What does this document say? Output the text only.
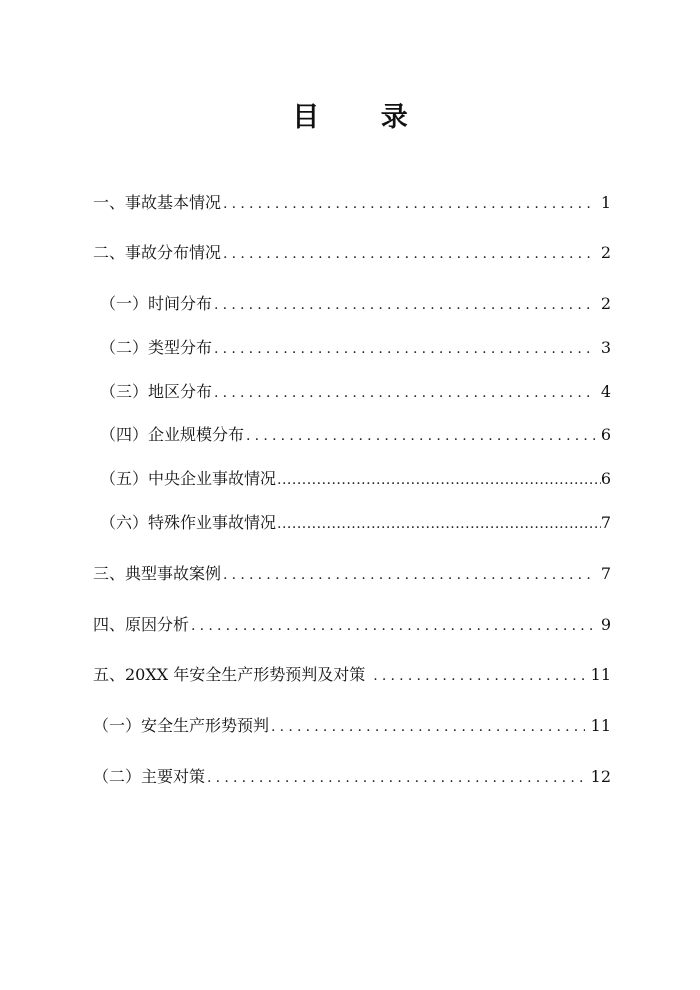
目 录
一、事故基本情况 .....	1
二、事故分布情况 .....	2
（一）时间分布 .....	2
（二）类型分布 .....	3
（三）地区分布 .....	4
（四）企业规模分布 .....	6
（五）中央企业事故情况 .....	6
（六）特殊作业事故情况 .....	7
三、典型事故案例 .....	7
四、原因分析 .....	9
五、20XX 年安全生产形势预判及对策 .....	11
（一）安全生产形势预判 .....	11
（二）主要对策 .....	12
